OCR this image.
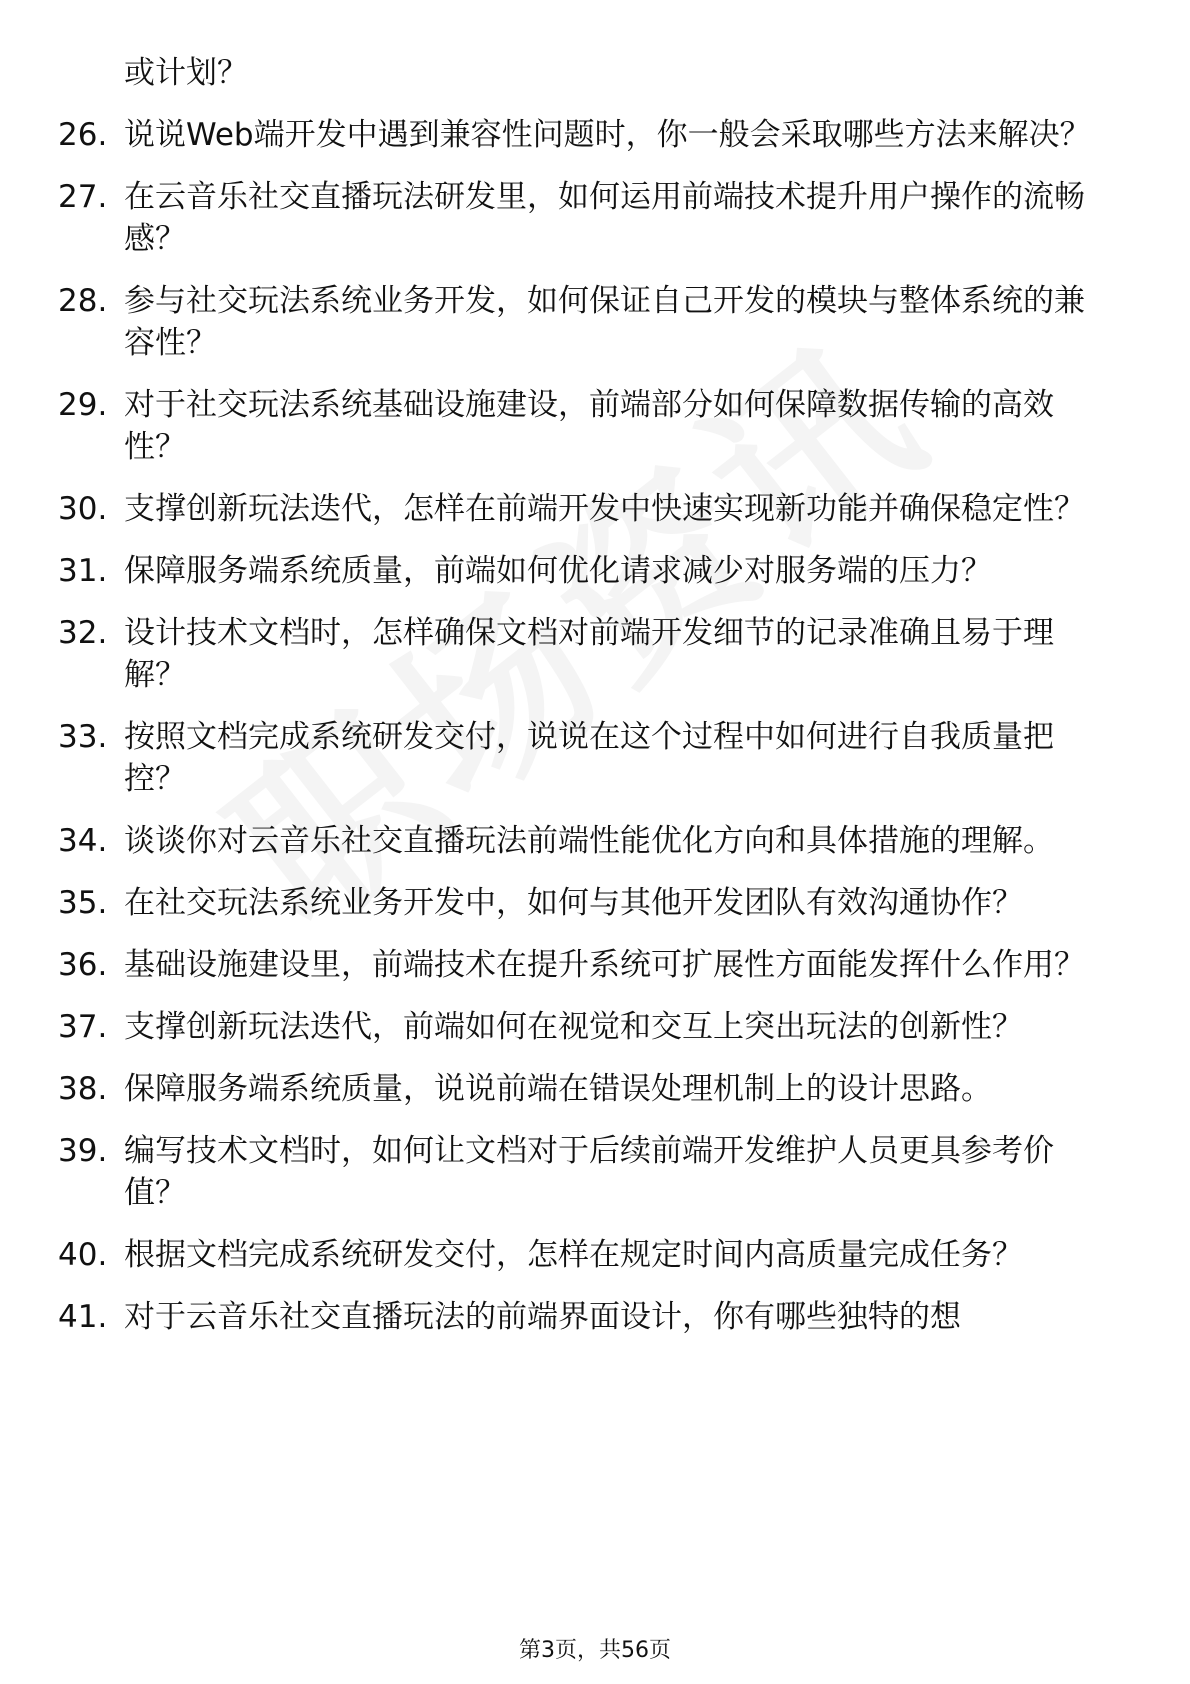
或计划？
26. 说说Web端开发中遇到兼容性问题时，你一般会采取哪些方法来解决？
27. 在云音乐社交直播玩法研发里，如何运用前端技术提升用户操作的流畅感？
28. 参与社交玩法系统业务开发，如何保证自己开发的模块与整体系统的兼容性？
29. 对于社交玩法系统基础设施建设，前端部分如何保障数据传输的高效性？
30. 支撑创新玩法迭代，怎样在前端开发中快速实现新功能并确保稳定性？
31. 保障服务端系统质量，前端如何优化请求减少对服务端的压力？
32. 设计技术文档时，怎样确保文档对前端开发细节的记录准确且易于理解？
33. 按照文档完成系统研发交付，说说在这个过程中如何进行自我质量把控？
34. 谈谈你对云音乐社交直播玩法前端性能优化方向和具体措施的理解。
35. 在社交玩法系统业务开发中，如何与其他开发团队有效沟通协作？
36. 基础设施建设里，前端技术在提升系统可扩展性方面能发挥什么作用？
37. 支撑创新玩法迭代，前端如何在视觉和交互上突出玩法的创新性？
38. 保障服务端系统质量，说说前端在错误处理机制上的设计思路。
39. 编写技术文档时，如何让文档对于后续前端开发维护人员更具参考价值？
40. 根据文档完成系统研发交付，怎样在规定时间内高质量完成任务？
41. 对于云音乐社交直播玩法的前端界面设计，你有哪些独特的想
第3页，共56页
